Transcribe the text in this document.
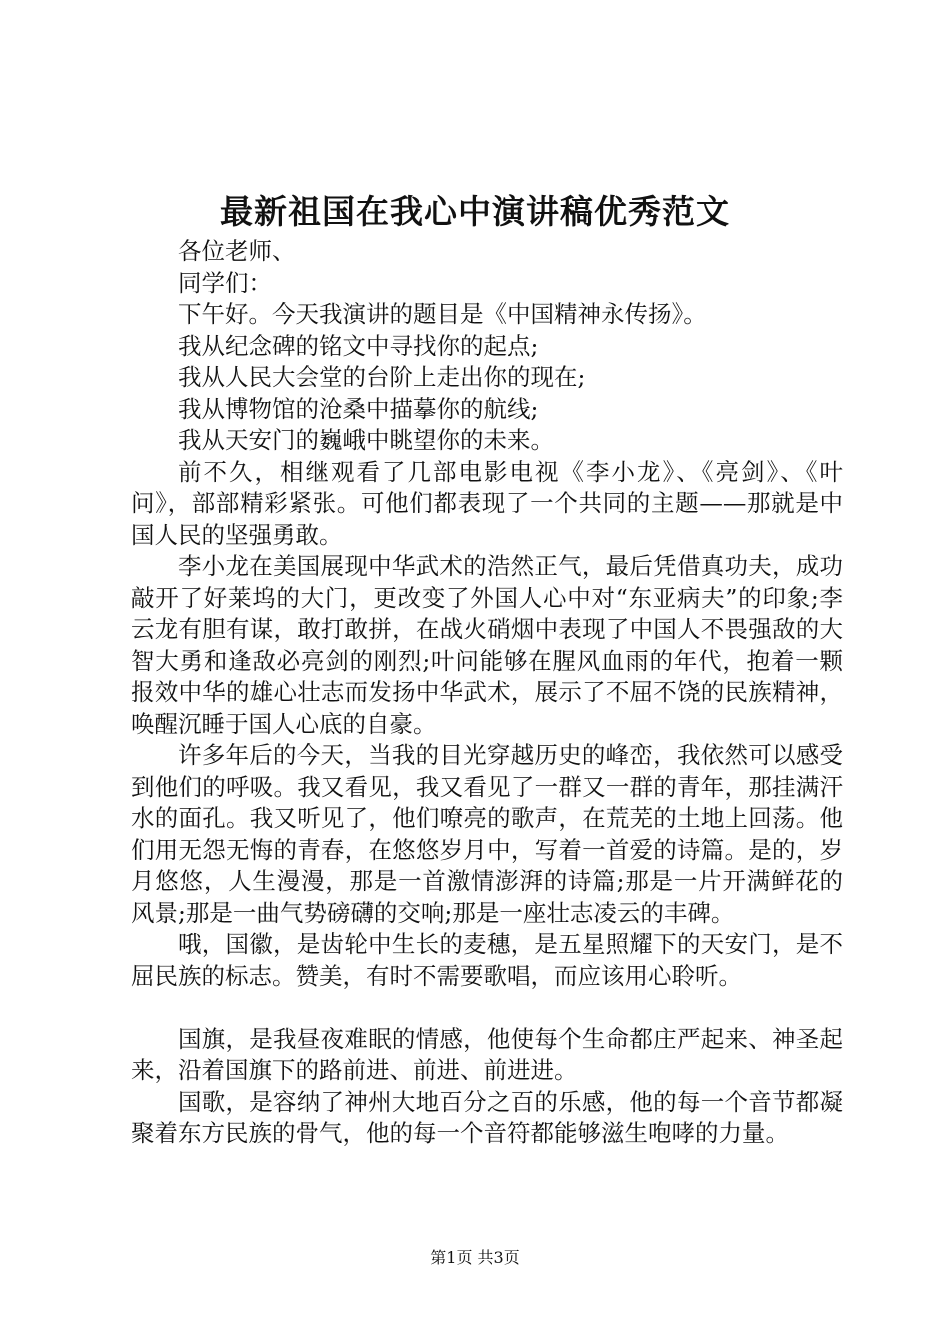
最新祖国在我心中演讲稿优秀范文

各位老师、

同学们：

下午好。今天我演讲的题目是《中国精神永传扬》。

我从纪念碑的铭文中寻找你的起点;

我从人民大会堂的台阶上走出你的现在;

我从博物馆的沧桑中描摹你的航线;

我从天安门的巍峨中眺望你的未来。

前不久，相继观看了几部电影电视《李小龙》、《亮剑》、《叶问》，部部精彩紧张。可他们都表现了一个共同的主题——那就是中国人民的坚强勇敢。

李小龙在美国展现中华武术的浩然正气，最后凭借真功夫，成功敲开了好莱坞的大门，更改变了外国人心中对“东亚病夫”的印象;李云龙有胆有谋，敢打敢拼，在战火硝烟中表现了中国人不畏强敌的大智大勇和逢敌必亮剑的刚烈;叶问能够在腥风血雨的年代，抱着一颗报效中华的雄心壮志而发扬中华武术，展示了不屈不饶的民族精神，唤醒沉睡于国人心底的自豪。

许多年后的今天，当我的目光穿越历史的峰峦，我依然可以感受到他们的呼吸。我又看见，我又看见了一群又一群的青年，那挂满汗水的面孔。我又听见了，他们嘹亮的歌声，在荒芜的土地上回荡。他们用无怨无悔的青春，在悠悠岁月中，写着一首爱的诗篇。是的，岁月悠悠，人生漫漫，那是一首激情澎湃的诗篇;那是一片开满鲜花的风景;那是一曲气势磅礴的交响;那是一座壮志凌云的丰碑。

哦，国徽，是齿轮中生长的麦穗，是五星照耀下的天安门，是不屈民族的标志。赞美，有时不需要歌唱，而应该用心聆听。

国旗，是我昼夜难眠的情感，他使每个生命都庄严起来、神圣起来，沿着国旗下的路前进、前进、前进进。

国歌，是容纳了神州大地百分之百的乐感，他的每一个音节都凝聚着东方民族的骨气，他的每一个音符都能够滋生咆哮的力量。

第1页 共3页
